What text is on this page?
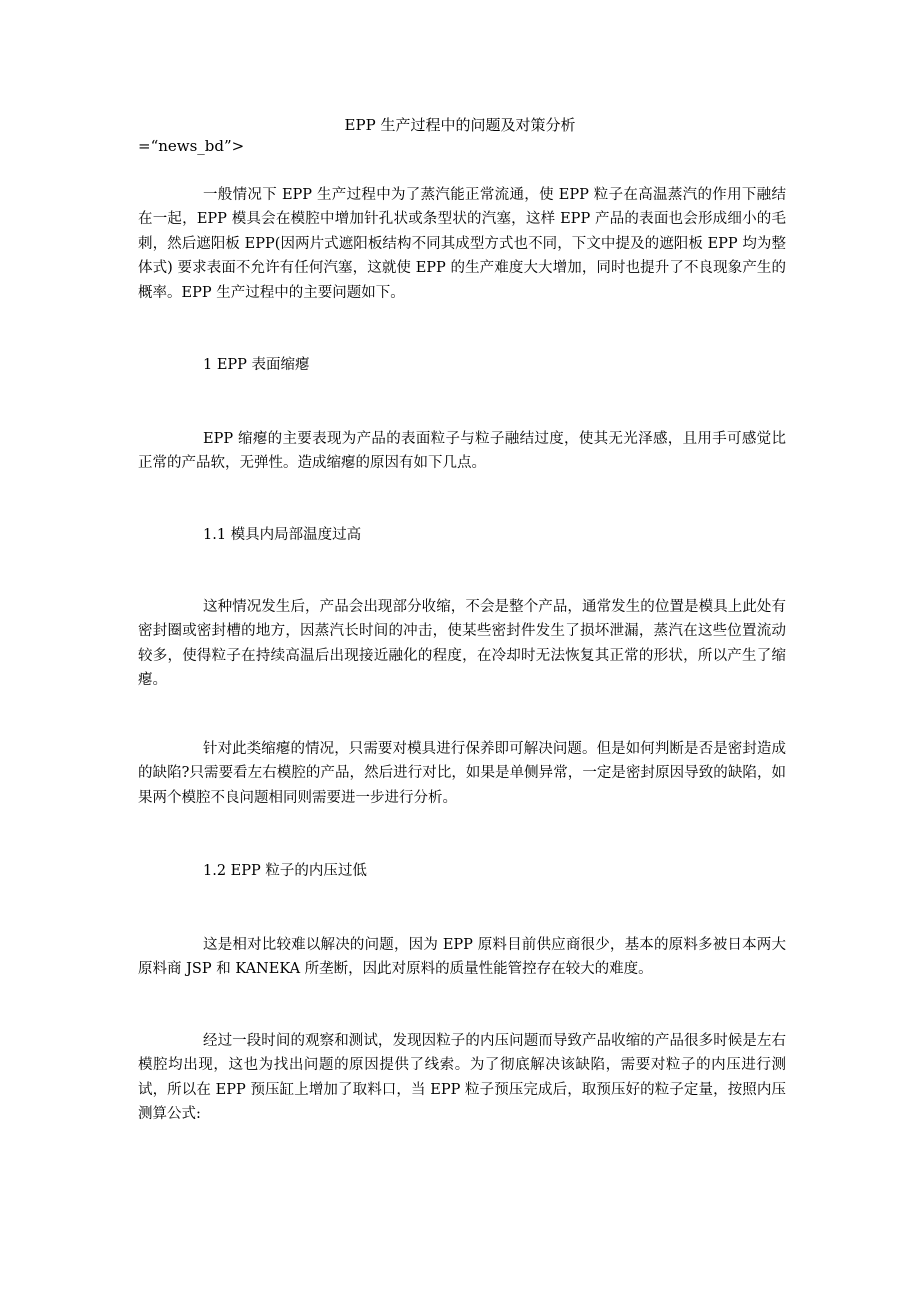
EPP 生产过程中的问题及对策分析
=“news_bd”>

一般情况下 EPP 生产过程中为了蒸汽能正常流通，使 EPP 粒子在高温蒸汽的作用下融结在一起，EPP 模具会在模腔中增加针孔状或条型状的汽塞，这样 EPP 产品的表面也会形成细小的毛刺，然后遮阳板 EPP(因两片式遮阳板结构不同其成型方式也不同，下文中提及的遮阳板 EPP 均为整体式) 要求表面不允许有任何汽塞，这就使 EPP 的生产难度大大增加，同时也提升了不良现象产生的概率。EPP 生产过程中的主要问题如下。

1 EPP 表面缩瘪

EPP 缩瘪的主要表现为产品的表面粒子与粒子融结过度，使其无光泽感，且用手可感觉比正常的产品软，无弹性。造成缩瘪的原因有如下几点。

1.1 模具内局部温度过高

这种情况发生后，产品会出现部分收缩，不会是整个产品，通常发生的位置是模具上此处有密封圈或密封槽的地方，因蒸汽长时间的冲击，使某些密封件发生了损坏泄漏，蒸汽在这些位置流动较多，使得粒子在持续高温后出现接近融化的程度，在冷却时无法恢复其正常的形状，所以产生了缩瘪。

针对此类缩瘪的情况，只需要对模具进行保养即可解决问题。但是如何判断是否是密封造成的缺陷?只需要看左右模腔的产品，然后进行对比，如果是单侧异常，一定是密封原因导致的缺陷，如果两个模腔不良问题相同则需要进一步进行分析。

1.2 EPP 粒子的内压过低

这是相对比较难以解决的问题，因为 EPP 原料目前供应商很少，基本的原料多被日本两大原料商 JSP 和 KANEKA 所垄断，因此对原料的质量性能管控存在较大的难度。

经过一段时间的观察和测试，发现因粒子的内压问题而导致产品收缩的产品很多时候是左右模腔均出现，这也为找出问题的原因提供了线索。为了彻底解决该缺陷，需要对粒子的内压进行测试，所以在 EPP 预压缸上增加了取料口，当 EPP 粒子预压完成后，取预压好的粒子定量，按照内压测算公式:
